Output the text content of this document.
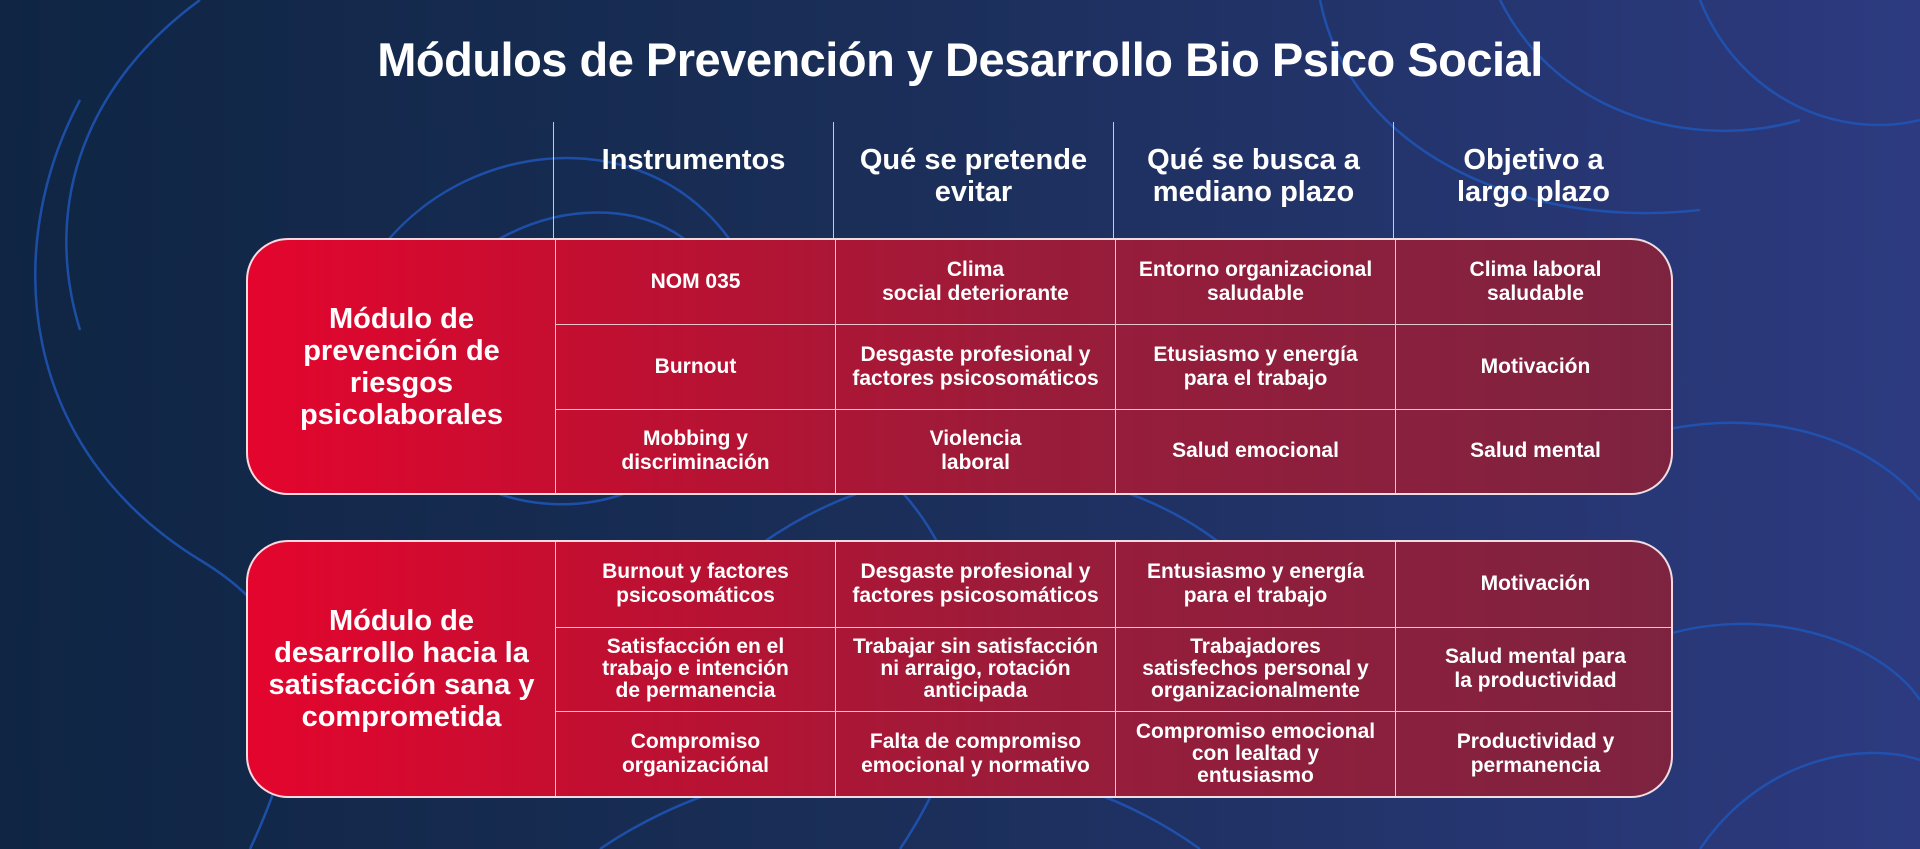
Módulos de Prevención y Desarrollo Bio Psico Social
Instrumentos	Qué se pretende
evitar
Qué se busca a
mediano plazo
Objetivo a
largo plazo
Módulo de prevención de riesgos psicolaborales
NOM 035
Clima
social deteriorante
Entorno organizacional
saludable
Clima laboral
saludable
Burnout
Desgaste profesional y
factores psicosomáticos
Etusiasmo y energía
para el trabajo
Motivación
Mobbing y
discriminación
Violencia
laboral
Salud emocional	Salud mental
Módulo de desarrollo hacia la satisfacción sana y comprometida
Burnout y factores
psicosomáticos
Desgaste profesional y
factores psicosomáticos
Entusiasmo y energía
para el trabajo
Motivación
Satisfacción en el
trabajo e intención
de permanencia
Trabajar sin satisfacción
ni arraigo, rotación
anticipada
Trabajadores
satisfechos personal y
organizacionalmente
Salud mental para
la productividad
Compromiso
organizaciónal
Falta de compromiso
emocional y normativo
Compromiso emocional
con lealtad y
entusiasmo
Productividad y
permanencia
